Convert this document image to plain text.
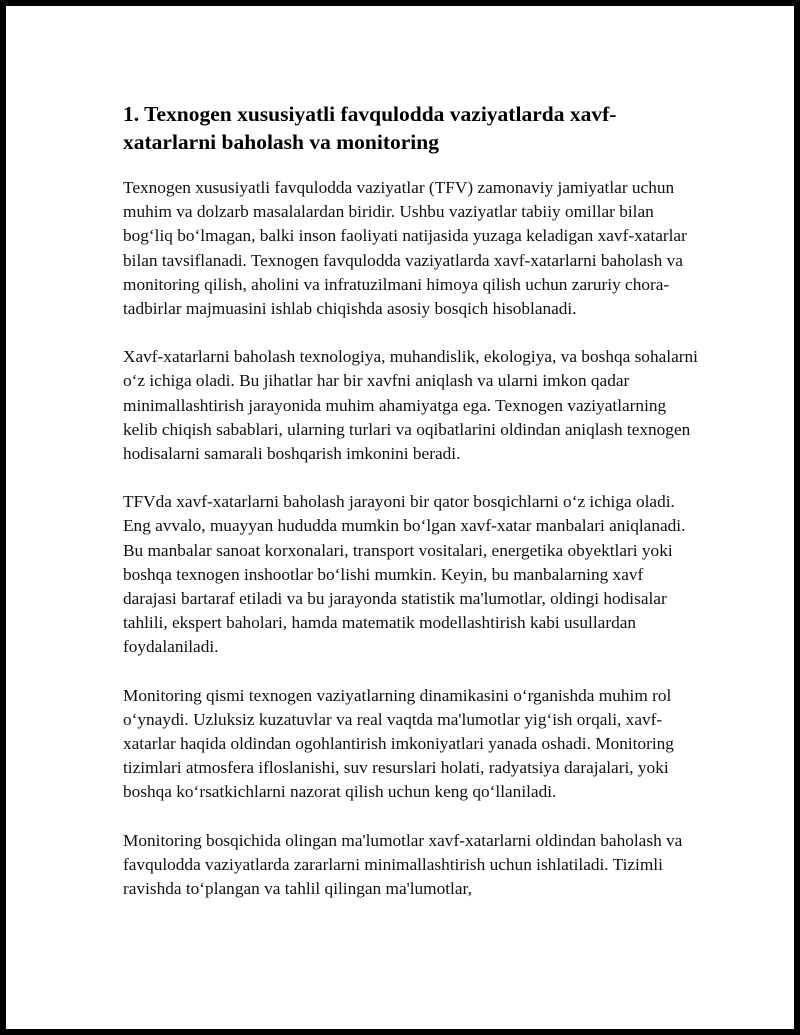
1. Texnogen xususiyatli favqulodda vaziyatlarda xavf-xatarlarni baholash va monitoring

Texnogen xususiyatli favqulodda vaziyatlar (TFV) zamonaviy jamiyatlar uchun muhim va dolzarb masalalardan biridir. Ushbu vaziyatlar tabiiy omillar bilan bog‘liq bo‘lmagan, balki inson faoliyati natijasida yuzaga keladigan xavf-xatarlar bilan tavsiflanadi. Texnogen favqulodda vaziyatlarda xavf-xatarlarni baholash va monitoring qilish, aholini va infratuzilmani himoya qilish uchun zaruriy chora-tadbirlar majmuasini ishlab chiqishda asosiy bosqich hisoblanadi.

Xavf-xatarlarni baholash texnologiya, muhandislik, ekologiya, va boshqa sohalarni o‘z ichiga oladi. Bu jihatlar har bir xavfni aniqlash va ularni imkon qadar minimallashtirish jarayonida muhim ahamiyatga ega. Texnogen vaziyatlarning kelib chiqish sabablari, ularning turlari va oqibatlarini oldindan aniqlash texnogen hodisalarni samarali boshqarish imkonini beradi.

TFVda xavf-xatarlarni baholash jarayoni bir qator bosqichlarni o‘z ichiga oladi. Eng avvalo, muayyan hududda mumkin bo‘lgan xavf-xatar manbalari aniqlanadi. Bu manbalar sanoat korxonalari, transport vositalari, energetika obyektlari yoki boshqa texnogen inshootlar bo‘lishi mumkin. Keyin, bu manbalarning xavf darajasi bartaraf etiladi va bu jarayonda statistik ma'lumotlar, oldingi hodisalar tahlili, ekspert baholari, hamda matematik modellashtirish kabi usullardan foydalaniladi.

Monitoring qismi texnogen vaziyatlarning dinamikasini o‘rganishda muhim rol o‘ynaydi. Uzluksiz kuzatuvlar va real vaqtda ma'lumotlar yig‘ish orqali, xavf-xatarlar haqida oldindan ogohlantirish imkoniyatlari yanada oshadi. Monitoring tizimlari atmosfera ifloslanishi, suv resurslari holati, radyatsiya darajalari, yoki boshqa ko‘rsatkichlarni nazorat qilish uchun keng qo‘llaniladi.

Monitoring bosqichida olingan ma'lumotlar xavf-xatarlarni oldindan baholash va favqulodda vaziyatlarda zararlarni minimallashtirish uchun ishlatiladi. Tizimli ravishda to‘plangan va tahlil qilingan ma'lumotlar,
